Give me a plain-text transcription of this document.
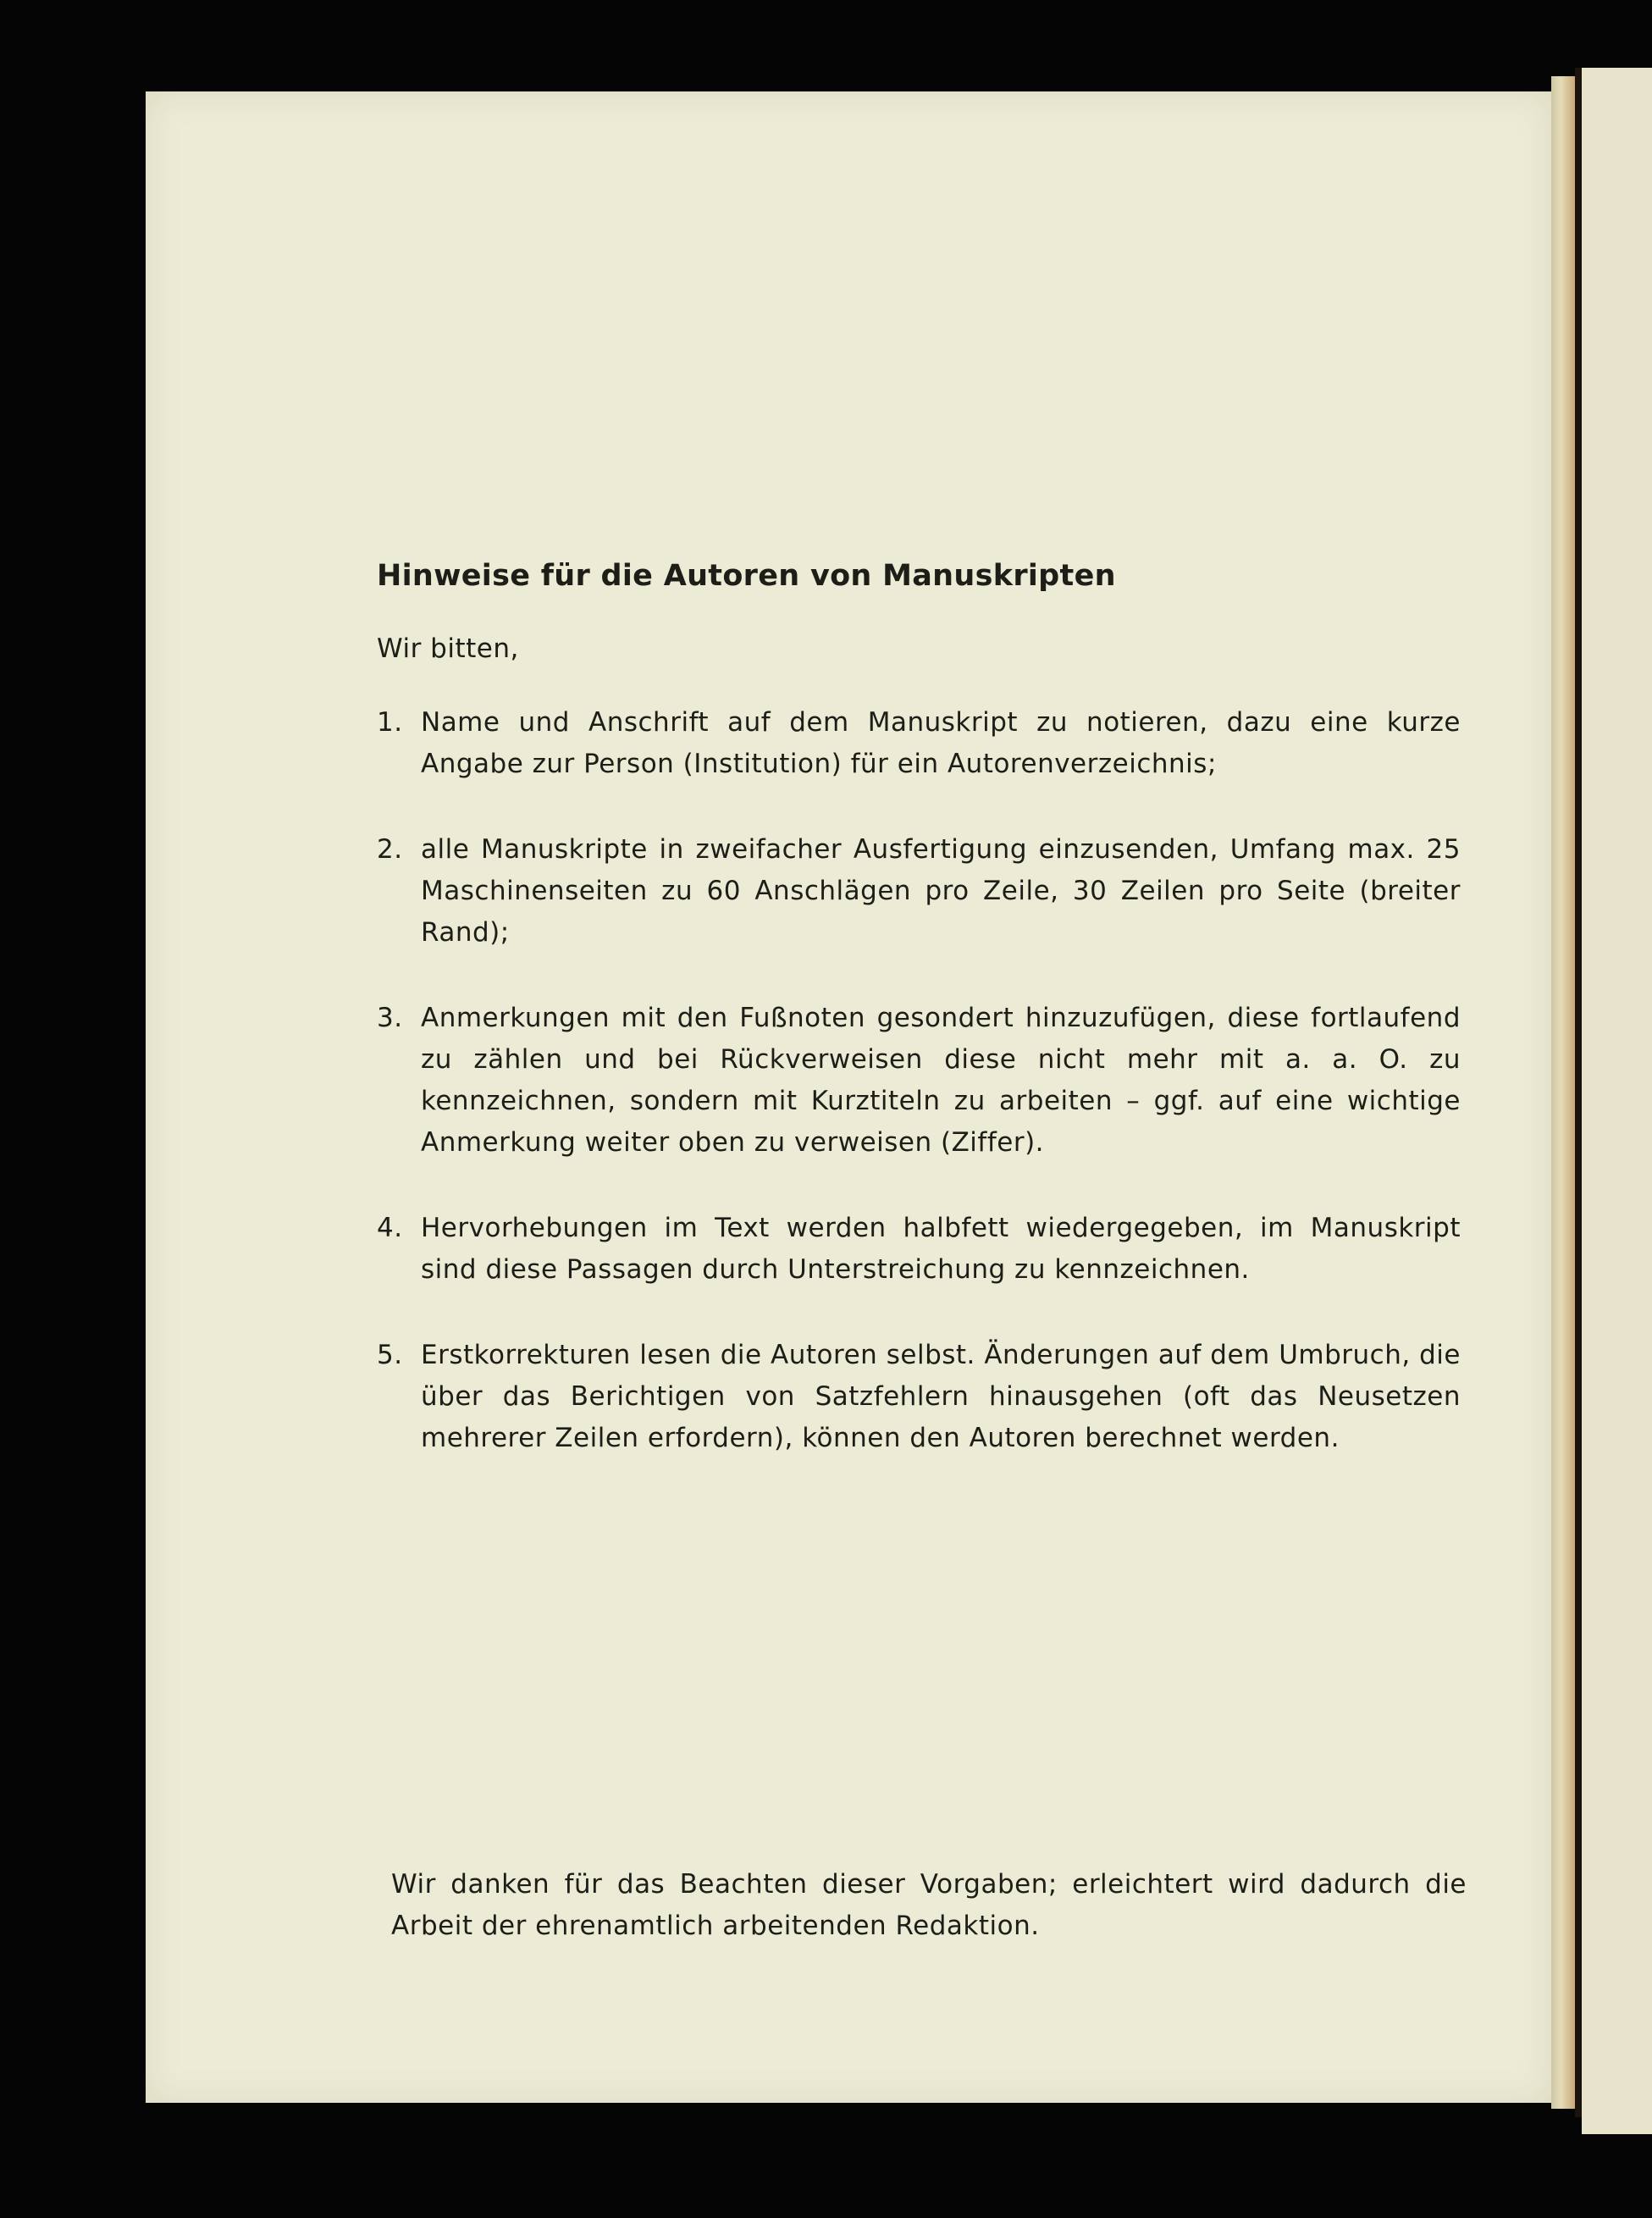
Hinweise für die Autoren von Manuskripten

Wir bitten,

1. Name und Anschrift auf dem Manuskript zu notieren, dazu eine kurze Angabe zur Person (Institution) für ein Autorenverzeichnis;
2. alle Manuskripte in zweifacher Ausfertigung einzusenden, Umfang max. 25 Maschinenseiten zu 60 Anschlägen pro Zeile, 30 Zeilen pro Seite (breiter Rand);
3. Anmerkungen mit den Fußnoten gesondert hinzuzufügen, diese fortlaufend zu zählen und bei Rückverweisen diese nicht mehr mit a. a. O. zu kennzeichnen, sondern mit Kurztiteln zu arbeiten – ggf. auf eine wichtige Anmerkung weiter oben zu verweisen (Ziffer).
4. Hervorhebungen im Text werden halbfett wiedergegeben, im Manuskript sind diese Passagen durch Unterstreichung zu kennzeichnen.
5. Erstkorrekturen lesen die Autoren selbst. Änderungen auf dem Umbruch, die über das Berichtigen von Satzfehlern hinausgehen (oft das Neusetzen mehrerer Zeilen erfordern), können den Autoren berechnet werden.

Wir danken für das Beachten dieser Vorgaben; erleichtert wird dadurch die Arbeit der ehrenamtlich arbeitenden Redaktion.
